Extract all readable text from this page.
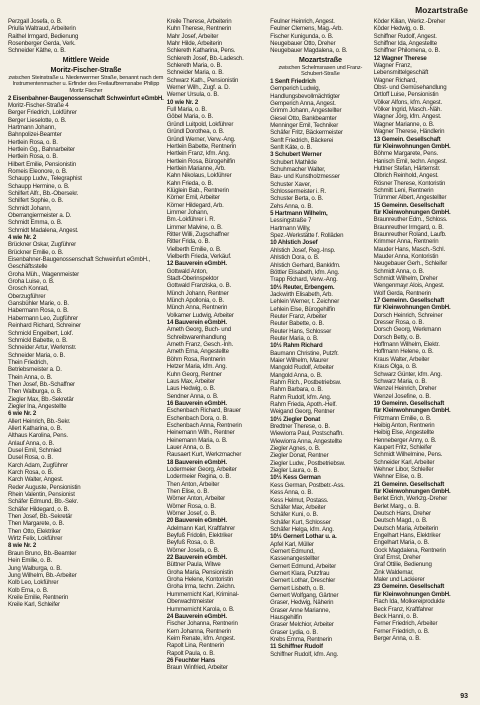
Mozartstraße
Perzgall Josefa, o. B.
Priulla Waltraud, Arbeiterin
Raithel Irmgard, Bedienung
Rosenberger Gerda, Verk.
Schneider Käthe, o. B.
Mittlere Weide
Moritz-Fischer-Straße
zwischen Steinstraße u. Niederwerrner Straße, benannt nach dem Instrumentenmacher u. Erfinder des Freilaufbremsnabe Philipp Moritz Fischer
2 Eisenbahner-Baugenossenschaft Schweinfurt eGmbH.
Moritz-Fischer-Straße 4
Berger Friedrich, Lokführer
Berger Lieselotte, o. B.
Hartmann Johann,
Bahnpolizei-Beamter
Hertlein Rosa, o. B.
Hertlein Gg., Bahnarbeiter
Hertlein Rosa, o. B.
Hilbert Emilie, Pensionistin
Romeis Eleonore, o. B.
Schaupp Ludw., Telegraphist
Schaupp Hermine, o. B.
Schilfert Alfr., Bb.-Obersekr.
Schilfert Sophie, o. B.
Schmidt Johann,
Oberrangiermeister a. D.
Schmidt Emma, o. B.
Schmidt Madalena, Angest.
4 wie Nr. 2
Brückner Oskar, Zugführer
Brückner Emilie, o. B.
Eisenbahner-Baugenossenschaft Schweinfurt eGmbH.,
Geschäftsstelle
Groha Müh., Wagenmeister
Groha Luise, o. B.
Grosch Konrad,
Oberzugführer
Gansbühler Marie, o. B.
Habermann Rosa, o. B.
Habermann Leo, Zugführer
Reinhard Richard, Schreiner
Schmickl Engelbert, Lokf.
Schmickl Babette, o. B.
Schneider Artur, Werkmstr.
Schneider Maria, o. B.
Thein Friedrich,
Betriebsmeister a. D.
Thein Anna, o. B.
Then Josef, Bb.-Schaffner
Then Walburga, o. B.
Ziegler Max, Bb.-Sekretär
Ziegler Ina, Angestellte
6 wie Nr. 2
Allert Heinrich, Bb.-Sekr.
Allert Katharina, o. B.
Althaus Karolina, Pens.
Anlauf Anna, o. B.
Dusel Emil, Schmied
Dusel Rosa, o. B.
Karch Adam, Zugführer
Karch Rosa, o. B.
Karch Walter, Angest.
Reder Auguste, Pensionistin
Rhein Valentin, Pensionist
Schäfer Edmund, Bb.-Sekr.
Schäfer Hildegard, o. B.
Then Josef, Bb.-Sekretär
Then Margarete, o. B.
Then Otto, Elektriker
Wirtz Felix, Lokführer
8 wie Nr. 2
Braun Bruno, Bb.-Beamter
Hein Emilie, o. B.
Jung Walburga, o. B.
Jung Wilhelm, Bb.-Arbeiter
Kolb Leo, Lokführer
Kolb Erna, o. B.
Kreile Emilie, Rentnerin
Kreile Karl, Schleifer
Kreile Therese, Arbeiterin
Kuhn Therese, Rentnerin
Mahr Josef, Arbeiter
Mahr Hilde, Arbeiterin
Schlereth Katharina, Pens.
Schlereth Josef, Bb.-Ladesch.
Schlereth Maria, o. B.
Schneider Maria, o. B.
Schwarz Kath., Pensionistin
Werner Wilh., Zugf. a. D.
Werner Ursula, o. B.
10 wie Nr. 2
Full Maria, o. B.
Göbel Maria, o. B.
Gründl Luitpold, Lokführer
Gründl Dorothea, o. B.
Gründl Werner, Verw.-Ang.
Hertlein Babette, Rentnerin
Hertlein Franz, kfm. Ang.
Hertlein Rosa, Bürogehilfin
Hertlein Marianne, Arb.
Kahn Nikolaus, Lokführer
Kahn Frieda, o. B.
Klüglein Bab., Rentnerin
Körner Emil, Arbeiter
Körner Hildegard, Arb.
Limmer Johann,
Bm.-Lokführer i. R.
Limmer Malvine, o. B.
Ritter Willi, Zugschaffner
Ritter Frida, o. B.
Vielberth Emilie, o. B.
Vielberth Frieda, Verkäuf.
12 Bauverein eGmbH.
Gottwald Anton,
Stadt-Oberinspektor
Gottwald Franziska, o. B.
Münch Johann, Rentner
Münch Apollonia, o. B.
Münch Anna, Rentnerin
Volkamer Ludwig, Arbeiter
14 Bauverein eGmbH.
Arneth Georg, Buch- und
Schreibwarenhandlung
Arneth Franz, Gesch.-Inh.
Arneth Erna, Angestellte
Böhm Rosa, Rentnerin
Hetzer Maria, kfm. Ang.
Kuhn Georg, Rentner
Laus Max, Arbeiter
Laus Hedwig, o. B.
Sendner Anna, o. B.
16 Bauverein eGmbH.
Eschenbach Richard, Brauer
Eschenbach Dora, o. B.
Eschenbach Anna, Rentnerin
Heinemann Wilh., Rentner
Heinemann Maria, o. B.
Lauer Anna, o. B.
Rausaert Kurt, Werkzmacher
18 Bauverein eGmbH.
Lodermeier Georg, Arbeiter
Lodermeier Regina, o. B.
Then Anton, Arbeiter
Then Elise, o. B.
Wörner Anton, Arbeiter
Wörner Rosa, o. B.
Wörner Josef, o. B.
20 Bauverein eGmbH.
Adelmann Karl, Kraftfahrer
Beyfuß Fridolin, Elektriker
Beyfuß Rosa, o. B.
Wörner Josefa, o. B.
22 Bauverein eGmbH.
Büttner Paula, Witwe
Groha Maria, Pensionistin
Groha Helene, Kontoristin
Groha Irma, techn. Zeichn.
Hummernicht Karl, Kriminal-
Oberwachtmeister
Hummernicht Karola, o. B.
24 Bauverein eGmbH.
Fischer Johanna, Rentnerin
Kern Johanna, Rentnerin
Keim Renate, kfm. Angest.
Rapolt Lina, Rentnerin
Rapolt Paula, o. B.
26 Feuchter Hans
Braun Winfried, Arbeiter
Feulner Heinrich, Angest.
Feulner Clemens, Mag.-Arb.
Fischer Kunigunda, o. B.
Neugebauer Otto, Dreher
Neugebauer Magdalena, o. B.
Mozartstraße
zwischen Schelmsrasen und Franz-Schubert-Straße
1 Senft Friedrich
Gemperich Ludwig,
Handlungsbevollmächtigter
Gemperich Anna, Angest.
Grimm Johann, Angestellter
Giesel Otto, Bankbeamter
Menninger Emil, Techniker
Schäfer Fritz, Bäckermeister
Senft Friedrich, Bäckerei
Senft Käte, o. B.
3 Schubert Werner
Schubert Mathilde
Schuhmacher Walter,
Bau- und Kunstholzmesser
Schuster Xaver,
Schlossermeister i. R.
Schuster Berta, o. B.
Zehs Anna, o. B.
5 Hartmann Wilhelm,
Lessingstraße 7
Hartmann Willy,
Spez.-Werkstätte f. Rolläden
10 Ahlstich Josef
Ahlstich Josef, Reg.-Insp.
Ahlstich Dora, o. B.
Ahlstich Gerhard, Bankkfm.
Böttler Elisabeth, kfm. Ang.
Trapp Richard, Verw.-Ang.
10½ Reuter, Erbengem.
Jackwirth Elisabeth, Arb.
Lehlein Werner, t. Zeichner
Lehlein Else, Bürogehilfin
Reuter Franz, Arbeiter
Reuter Babette, o. B.
Reuter Hans, Schlosser
Reuter Maria, o. B.
10½ Rahm Richard
Baumann Christine, Putzfr.
Maier Wilhelm, Maurer
Mangold Rudolf, Arbeiter
Mangold Anna, o. B.
Rahm Rich., Postbetriebsw.
Rahm Barbara, o. B.
Rahm Rudolf, kfm. Ang.
Rahm Frieda, Apoth.-Helf.
Weigand Georg, Rentner
10½ Ziegler Donat
Bredtner Therese, o. B.
Wiewiorra Paul, Postschaffn.
Wiewiorra Anna, Angestellte
Ziegler Agnes, o. B.
Ziegler Donat, Rentner
Ziegler Ludw., Postbetriebsw.
Ziegler Laura, o. B.
10½ Kess German
Kess German, Postbetr.-Ass.
Kess Anna, o. B.
Kess Helmut, Postass.
Schäfer Max, Arbeiter
Schäfer Kuni, o. B.
Schäfer Kurt, Schlosser
Schäfer Helga, kfm. Ang.
10½ Gernert Lothar u. a.
Apfel Karl, Müller
Gernert Edmund,
Kassenangestellter
Gernert Edmund, Arbeiter
Gernert Klara, Putzfrau
Gernert Lothar, Dreschler
Gernert Lisbeth, o. B.
Gernert Wolfgang, Gärtner
Graser, Hedwig, Näherin
Graser Anne Marianne,
Hausgehilfin
Graser Melchior, Arbeiter
Graser Lydia, o. B.
Krebs Emma, Rentnerin
11 Schiffner Rudolf
Schiffner Rudolf, kfm. Ang.
Köder Kilian, Werkz.-Dreher
Köder Hedwig, o. B.
Schiffner Rudolf, Angest.
Schiffner Ida, Angestellte
Schiffner Philomena, o. B.
12 Wagner Therese
Wagner Franz,
Lebensmittelgeschäft
Wagner Richard,
Obst- und Gemüsehandlung
Ortloff Luise, Pensionistin
Völker Alfons, kfm. Angest.
Völker Ingrid, Masch.-Näh.
Wagner Jörg, kfm. Angest.
Wagner Marianne, o. B.
Wagner Therese, Händlerin
13 Gemein. Gesellschaft
für Kleinwohnungen GmbH.
Böhme Margarete, Pens.
Hanisch Emil, techn. Angest.
Huttner Stefan, Härtemstr.
Olbrich Reinhold, Angest.
Rösner Therese, Kontoristin
Schmitt Leni, Rentnerin
Trümmer Albert, Angestellter
15 Gemeinn. Gesellschaft
für Kleinwohnungen GmbH.
Braunreuther Edm., Schloss.
Braunreuther Irmgard, o. B.
Braunreuther Roland, Laufb.
Krimmer Anna, Rentnerin
Mauder Hans, Masch.-Schl.
Mauder Anna, Kontoristin
Neugebauer Gerh., Schleifer
Schmidt Anna, o. B.
Schmidt Wilhelm, Dreher
Wengenmayr Alois, Angest.
Wolf Gerda, Rentnerin
17 Gemeinn. Gesellschaft
für Kleinwohnungen GmbH.
Dorsch Heinrich, Schreiner
Dresser Rosa, o. B.
Dorsch Georg, Werkmann
Dorsch Betty, o. B.
Hoffmann Wilhelm, Elektr.
Hoffmann Helene, o. B.
Kraus Walter, Arbeiter
Kraus Olga, o. B.
Schwarz Günter, kfm. Ang.
Schwarz Maria, o. B.
Wenzel Heinrich, Dreher
Wenzel Josefine, o. B.
19 Gemeinn. Gesellschaft
für Kleinwohnungen GmbH.
Fritzmann Emilie, o. B.
Heibig Anton, Rentnerin
Heibig Else, Angestellte
Henneberger Anny, o. B.
Kaupert Fritz, Schleifer
Schmidt Wilhelmine, Pens.
Schneider Karl, Arbeiter
Wehner Libor, Schleifer
Wehner Elise, o. B.
21 Gemeinn. Gesellschaft
für Kleinwohnungen GmbH.
Berlet Erich, Werkzg.-Dreher
Berlet Marg., o. B.
Deutsch Hans, Dreher
Deutsch Magd., o. B.
Deutsch Maria, Arbeiterin
Engelhart Hans, Elektriker
Engelhart Maria, o. B.
Gock Magdalena, Rentnerin
Graf Ernst, Dreher
Graf Ottilie, Bedienung
Zink Waldemar,
Maler und Lackierer
23 Gemeinn. Gesellschaft
für Kleinwohnungen GmbH.
Flach Ida, Molkereiprodukte
Beck Franz, Kraftfahrer
Beck Hanni, o. B.
Ferner Friedrich, Arbeiter
Ferner Friedrich, o. B.
Berger Anna, o. B.
93
